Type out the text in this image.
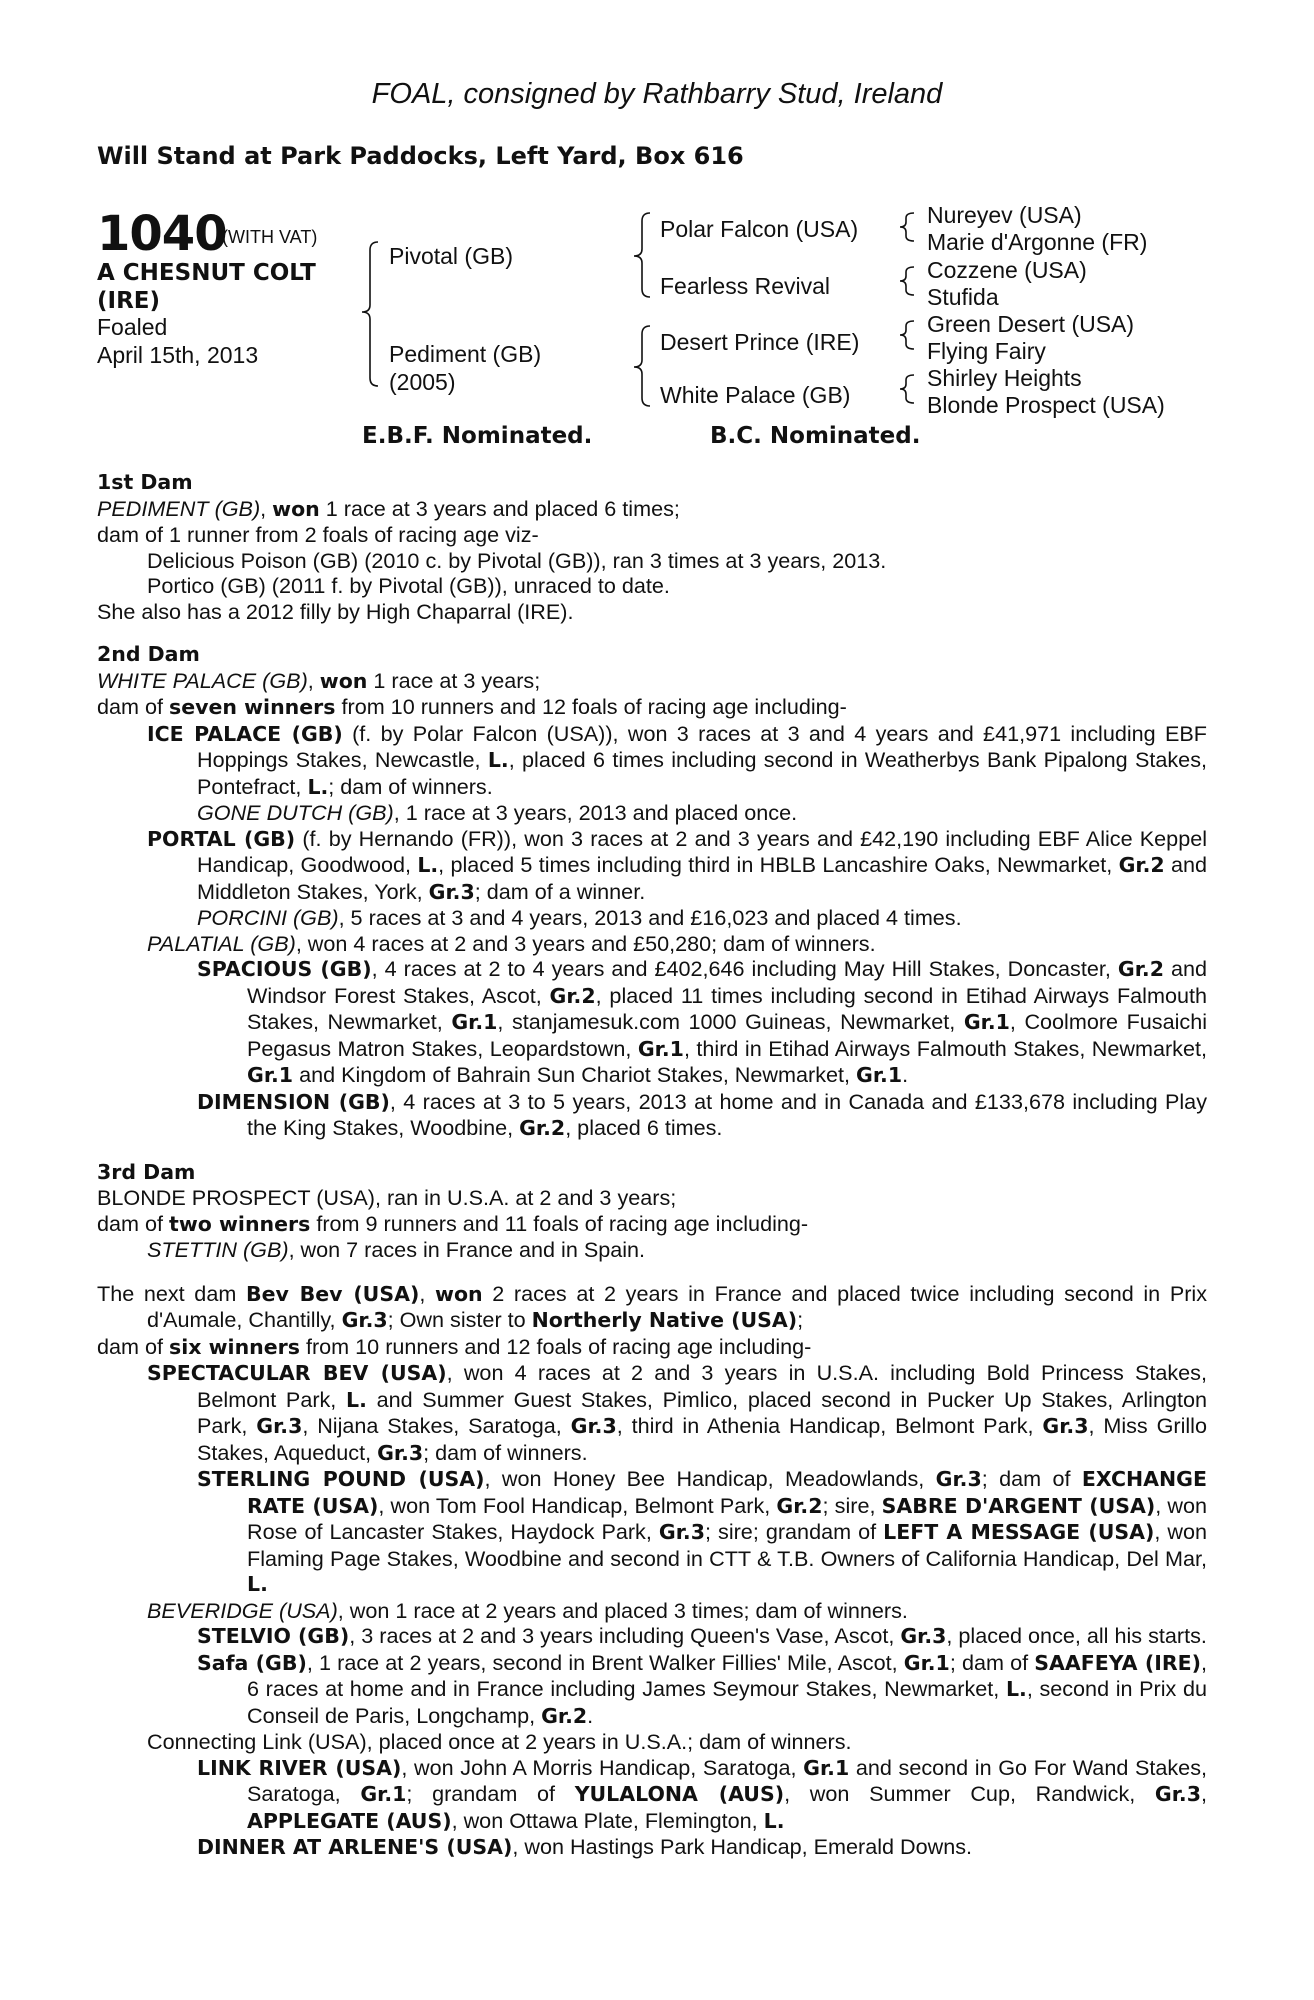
FOAL, consigned by Rathbarry Stud, Ireland
Will Stand at Park Paddocks, Left Yard, Box 616
1040
(WITH VAT)
A CHESNUT COLT
(IRE)
Foaled
April 15th, 2013
Pivotal (GB)
Pediment (GB)
(2005)
Polar Falcon (USA)
Fearless Revival
Desert Prince (IRE)
White Palace (GB)
Nureyev (USA)
Marie d'Argonne (FR)
Cozzene (USA)
Stufida
Green Desert (USA)
Flying Fairy
Shirley Heights
Blonde Prospect (USA)
E.B.F. Nominated.	B.C. Nominated.

1st Dam

PEDIMENT (GB), won 1 race at 3 years and placed 6 times;

dam of 1 runner from 2 foals of racing age viz-

Delicious Poison (GB) (2010 c. by Pivotal (GB)), ran 3 times at 3 years, 2013.

Portico (GB) (2011 f. by Pivotal (GB)), unraced to date.

She also has a 2012 filly by High Chaparral (IRE).

2nd Dam

WHITE PALACE (GB), won 1 race at 3 years;

dam of seven winners from 10 runners and 12 foals of racing age including-

ICE PALACE (GB) (f. by Polar Falcon (USA)), won 3 races at 3 and 4 years and £41,971 including EBF Hoppings Stakes, Newcastle, L., placed 6 times including second in Weatherbys Bank Pipalong Stakes, Pontefract, L.; dam of winners.

GONE DUTCH (GB), 1 race at 3 years, 2013 and placed once.

PORTAL (GB) (f. by Hernando (FR)), won 3 races at 2 and 3 years and £42,190 including EBF Alice Keppel Handicap, Goodwood, L., placed 5 times including third in HBLB Lancashire Oaks, Newmarket, Gr.2 and Middleton Stakes, York, Gr.3; dam of a winner.

PORCINI (GB), 5 races at 3 and 4 years, 2013 and £16,023 and placed 4 times.

PALATIAL (GB), won 4 races at 2 and 3 years and £50,280; dam of winners.

SPACIOUS (GB), 4 races at 2 to 4 years and £402,646 including May Hill Stakes, Doncaster, Gr.2 and Windsor Forest Stakes, Ascot, Gr.2, placed 11 times including second in Etihad Airways Falmouth Stakes, Newmarket, Gr.1, stanjamesuk.com 1000 Guineas, Newmarket, Gr.1, Coolmore Fusaichi Pegasus Matron Stakes, Leopardstown, Gr.1, third in Etihad Airways Falmouth Stakes, Newmarket, Gr.1 and Kingdom of Bahrain Sun Chariot Stakes, Newmarket, Gr.1.

DIMENSION (GB), 4 races at 3 to 5 years, 2013 at home and in Canada and £133,678 including Play the King Stakes, Woodbine, Gr.2, placed 6 times.

3rd Dam

BLONDE PROSPECT (USA), ran in U.S.A. at 2 and 3 years;

dam of two winners from 9 runners and 11 foals of racing age including-

STETTIN (GB), won 7 races in France and in Spain.

The next dam Bev Bev (USA), won 2 races at 2 years in France and placed twice including second in Prix d'Aumale, Chantilly, Gr.3; Own sister to Northerly Native (USA);

dam of six winners from 10 runners and 12 foals of racing age including-

SPECTACULAR BEV (USA), won 4 races at 2 and 3 years in U.S.A. including Bold Princess Stakes, Belmont Park, L. and Summer Guest Stakes, Pimlico, placed second in Pucker Up Stakes, Arlington Park, Gr.3, Nijana Stakes, Saratoga, Gr.3, third in Athenia Handicap, Belmont Park, Gr.3, Miss Grillo Stakes, Aqueduct, Gr.3; dam of winners.

STERLING POUND (USA), won Honey Bee Handicap, Meadowlands, Gr.3; dam of EXCHANGE RATE (USA), won Tom Fool Handicap, Belmont Park, Gr.2; sire, SABRE D'ARGENT (USA), won Rose of Lancaster Stakes, Haydock Park, Gr.3; sire; grandam of LEFT A MESSAGE (USA), won Flaming Page Stakes, Woodbine and second in CTT & T.B. Owners of California Handicap, Del Mar, L.

BEVERIDGE (USA), won 1 race at 2 years and placed 3 times; dam of winners.

STELVIO (GB), 3 races at 2 and 3 years including Queen's Vase, Ascot, Gr.3, placed once, all his starts.

Safa (GB), 1 race at 2 years, second in Brent Walker Fillies' Mile, Ascot, Gr.1; dam of SAAFEYA (IRE), 6 races at home and in France including James Seymour Stakes, Newmarket, L., second in Prix du Conseil de Paris, Longchamp, Gr.2.

Connecting Link (USA), placed once at 2 years in U.S.A.; dam of winners.

LINK RIVER (USA), won John A Morris Handicap, Saratoga, Gr.1 and second in Go For Wand Stakes, Saratoga, Gr.1; grandam of YULALONA (AUS), won Summer Cup, Randwick, Gr.3, APPLEGATE (AUS), won Ottawa Plate, Flemington, L.

DINNER AT ARLENE'S (USA), won Hastings Park Handicap, Emerald Downs.
